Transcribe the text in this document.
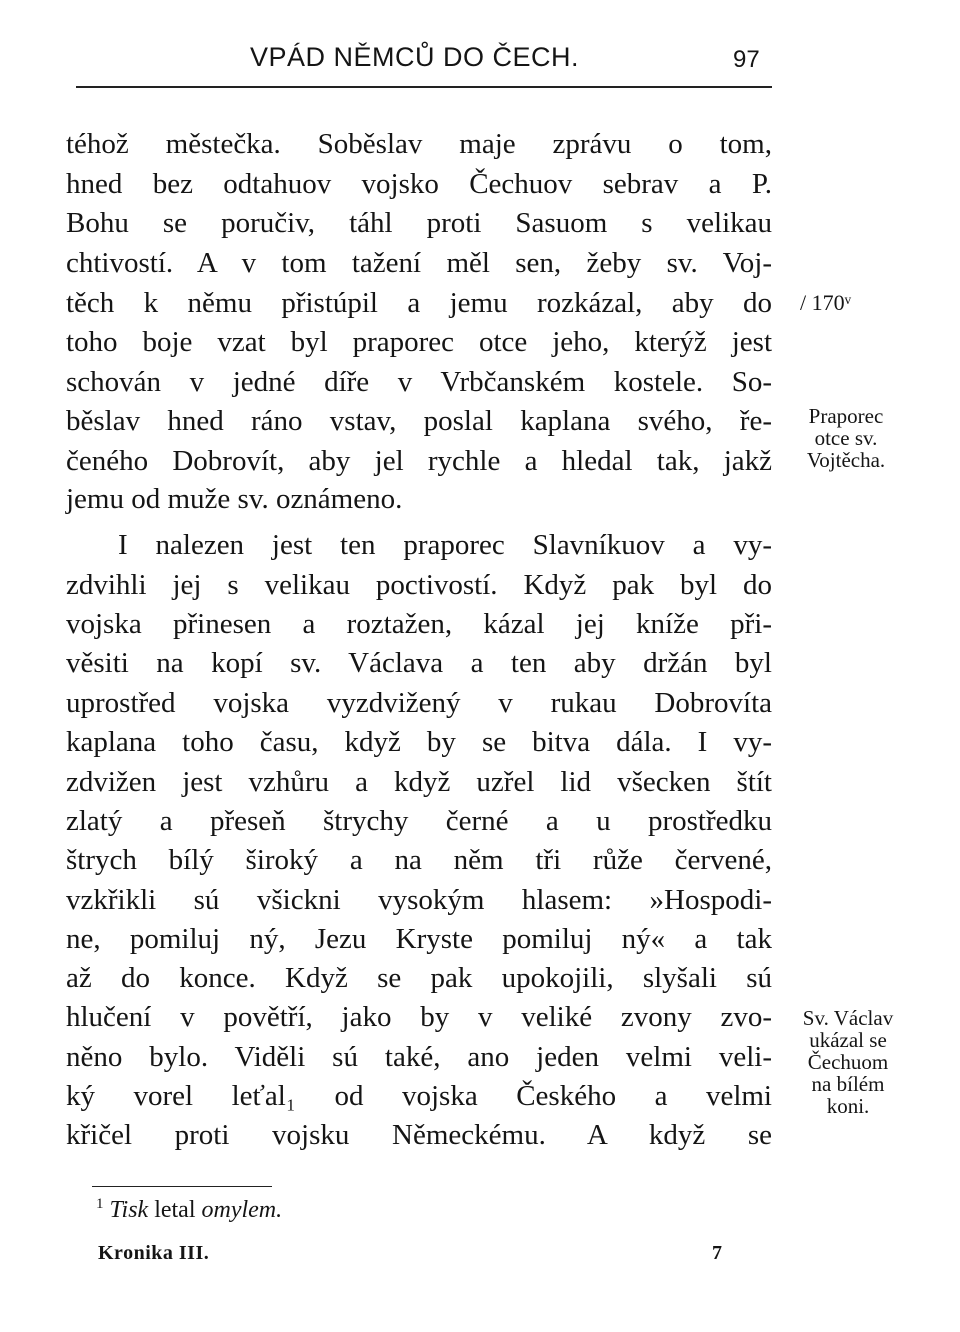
VPÁD NĚMCŮ DO ČECH.	97
téhož městečka. Soběslav maje zprávu o tom,
hned bez odtahuov vojsko Čechuov sebrav a P.
Bohu se poručiv, táhl proti Sasuom s velikau
chtivostí. A v tom tažení měl sen, žeby sv. Voj-
těch k němu přistúpil a jemu rozkázal, aby do
toho boje vzat byl praporec otce jeho, kterýž jest
schován v jedné díře v Vrbčanském kostele. So-
běslav hned ráno vstav, poslal kaplana svého, ře-
čeného Dobrovít, aby jel rychle a hledal tak, jakž
jemu od muže sv. oznámeno.
I nalezen jest ten praporec Slavníkuov a vy-
zdvihli jej s velikau poctivostí. Když pak byl do
vojska přinesen a roztažen, kázal jej kníže při-
věsiti na kopí sv. Václava a ten aby držán byl
uprostřed vojska vyzdvižený v rukau Dobrovíta
kaplana toho času, když by se bitva dála. I vy-
zdvižen jest vzhůru a když uzřel lid všecken štít
zlatý a přeseň štrychy černé a u prostředku
štrych bílý široký a na něm tři růže červené,
vzkřikli sú všickni vysokým hlasem: »Hospodi-
ne, pomiluj ný, Jezu Kryste pomiluj ný« a tak
až do konce. Když se pak upokojili, slyšali sú
hlučení v povětří, jako by v veliké zvony zvo-
něno bylo. Viděli sú také, ano jeden velmi veli-
ký vorel leťal₁ od vojska Českého a velmi
křičel proti vojsku Německému. A když se
/ 170ᵛ
Praporec
otce sv.
Vojtěcha.
Sv. Václav
ukázal se
Čechuom
na bílém
koni.
$^1$ Tisk letal omylem.
Kronika III.	7
